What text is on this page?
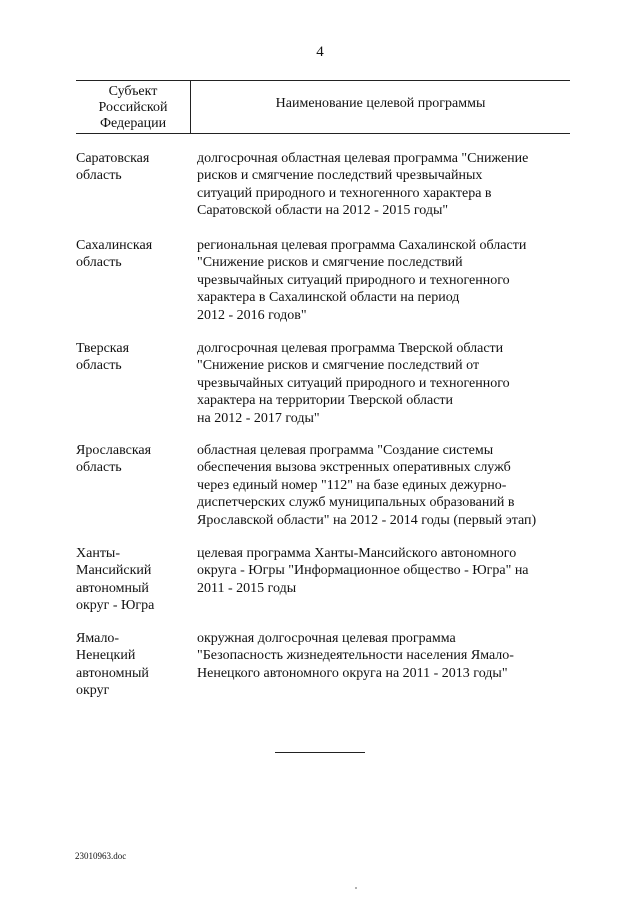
4
Субъект
Российской
Федерации
Наименование целевой программы
Саратовская
область
долгосрочная областная целевая программа "Снижение
рисков и смягчение последствий чрезвычайных
ситуаций природного и техногенного характера в
Саратовской области на 2012 - 2015 годы"
Сахалинская
область
региональная целевая программа Сахалинской области
"Снижение рисков и смягчение последствий
чрезвычайных ситуаций природного и техногенного
характера в Сахалинской области на период
2012 - 2016 годов"
Тверская
область
долгосрочная целевая программа Тверской области
"Снижение рисков и смягчение последствий от
чрезвычайных ситуаций природного и техногенного
характера на территории Тверской области
на 2012 - 2017 годы"
Ярославская
область
областная целевая программа "Создание системы
обеспечения вызова экстренных оперативных служб
через единый номер "112" на базе единых дежурно-
диспетчерских служб муниципальных образований в
Ярославской области" на 2012 - 2014 годы (первый этап)
Ханты-
Мансийский
автономный
округ - Югра
целевая программа Ханты-Мансийского автономного
округа - Югры "Информационное общество - Югра" на
2011 - 2015 годы
Ямало-
Ненецкий
автономный
округ
окружная долгосрочная целевая программа
"Безопасность жизнедеятельности населения Ямало-
Ненецкого автономного округа на 2011 - 2013 годы"
23010963.doc
